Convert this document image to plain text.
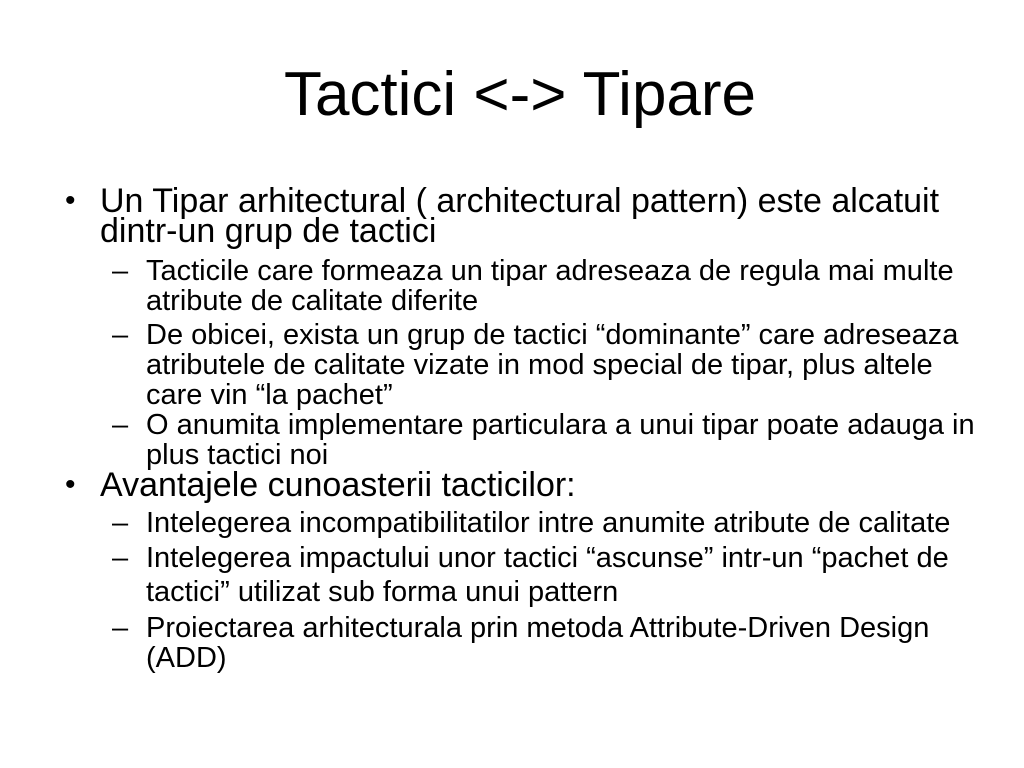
Tactici <-> Tipare
• Un Tipar arhitectural ( architectural pattern) este alcatuit
dintr-un grup de tactici
– Tacticile care formeaza un tipar adreseaza de regula mai multe
atribute de calitate diferite
– De obicei, exista un grup de tactici “dominante” care adreseaza
atributele de calitate vizate in mod special de tipar, plus altele
care vin “la pachet”
– O anumita implementare particulara a unui tipar poate adauga in
plus tactici noi
• Avantajele cunoasterii tacticilor:
– Intelegerea incompatibilitatilor intre anumite atribute de calitate
– Intelegerea impactului unor tactici “ascunse” intr-un “pachet de
tactici” utilizat sub forma unui pattern
– Proiectarea arhitecturala prin metoda Attribute-Driven Design
(ADD)
